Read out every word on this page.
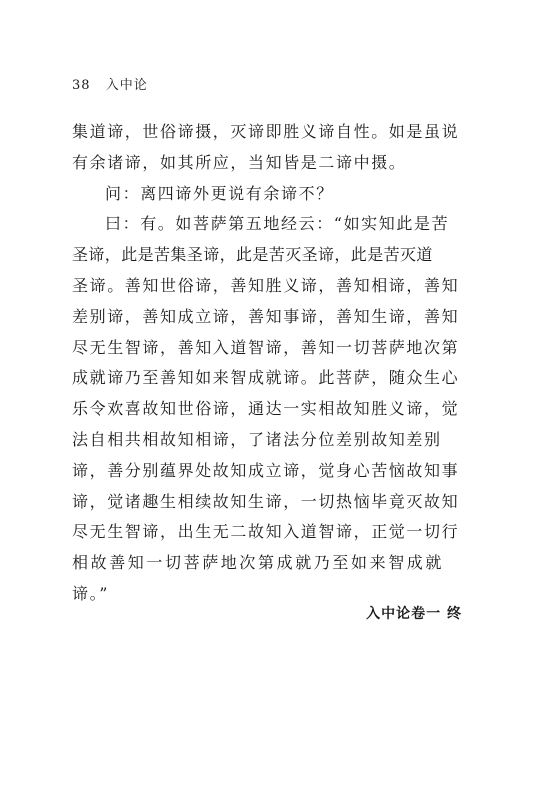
38 入中论
集道谛，世俗谛摄，灭谛即胜义谛自性。如是虽说
有余诸谛，如其所应，当知皆是二谛中摄。
问：离四谛外更说有余谛不？
曰：有。如菩萨第五地经云：“如实知此是苦
圣谛，此是苦集圣谛，此是苦灭圣谛，此是苦灭道
圣谛。善知世俗谛，善知胜义谛，善知相谛，善知
差别谛，善知成立谛，善知事谛，善知生谛，善知
尽无生智谛，善知入道智谛，善知一切菩萨地次第
成就谛乃至善知如来智成就谛。此菩萨，随众生心
乐令欢喜故知世俗谛，通达一实相故知胜义谛，觉
法自相共相故知相谛，了诸法分位差别故知差别
谛，善分别蕴界处故知成立谛，觉身心苦恼故知事
谛，觉诸趣生相续故知生谛，一切热恼毕竟灭故知
尽无生智谛，出生无二故知入道智谛，正觉一切行
相故善知一切菩萨地次第成就乃至如来智成就
谛。”
入中论卷一 终
